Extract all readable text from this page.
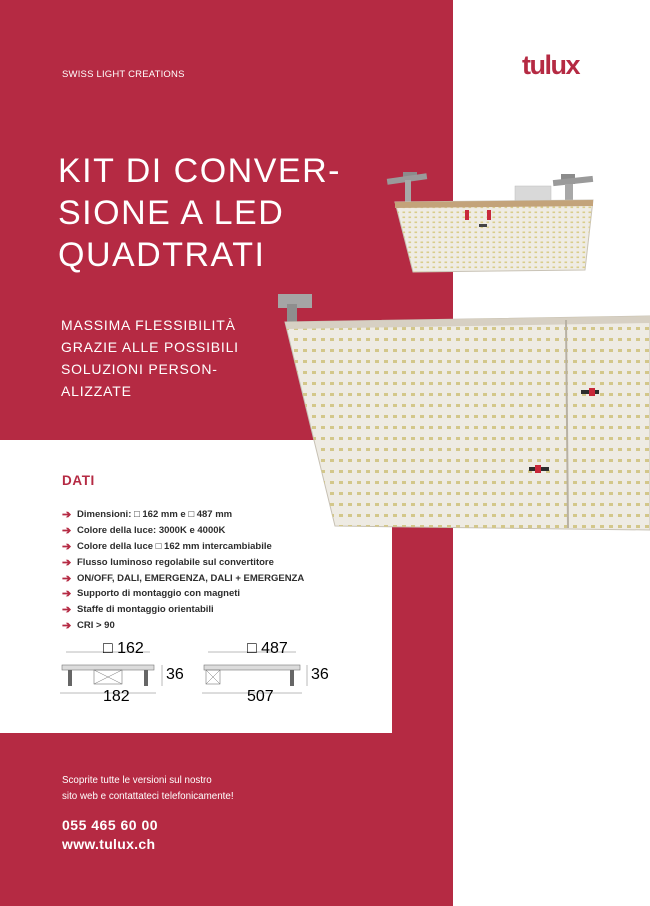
SWISS LIGHT CREATIONS	tulux
KIT DI CONVER-
SIONE A LED
QUADTRATI
MASSIMA FLESSIBILITÀ
GRAZIE ALLE POSSIBILI
SOLUZIONI PERSON-
ALIZZATE
DATI
➔ Dimensioni: □ 162 mm e □ 487 mm
➔ Colore della luce: 3000K e 4000K
➔ Colore della luce □ 162 mm intercambiabile
➔ Flusso luminoso regolabile sul convertitore
➔ ON/OFF, DALI, EMERGENZA, DALI + EMERGENZA
➔ Supporto di montaggio con magneti
➔ Staffe di montaggio orientabili
➔ CRI > 90
□ 162
36
182
□ 487
36
507
Scoprite tutte le versioni sul nostro
sito web e contattateci telefonicamente!
055 465 60 00
www.tulux.ch
